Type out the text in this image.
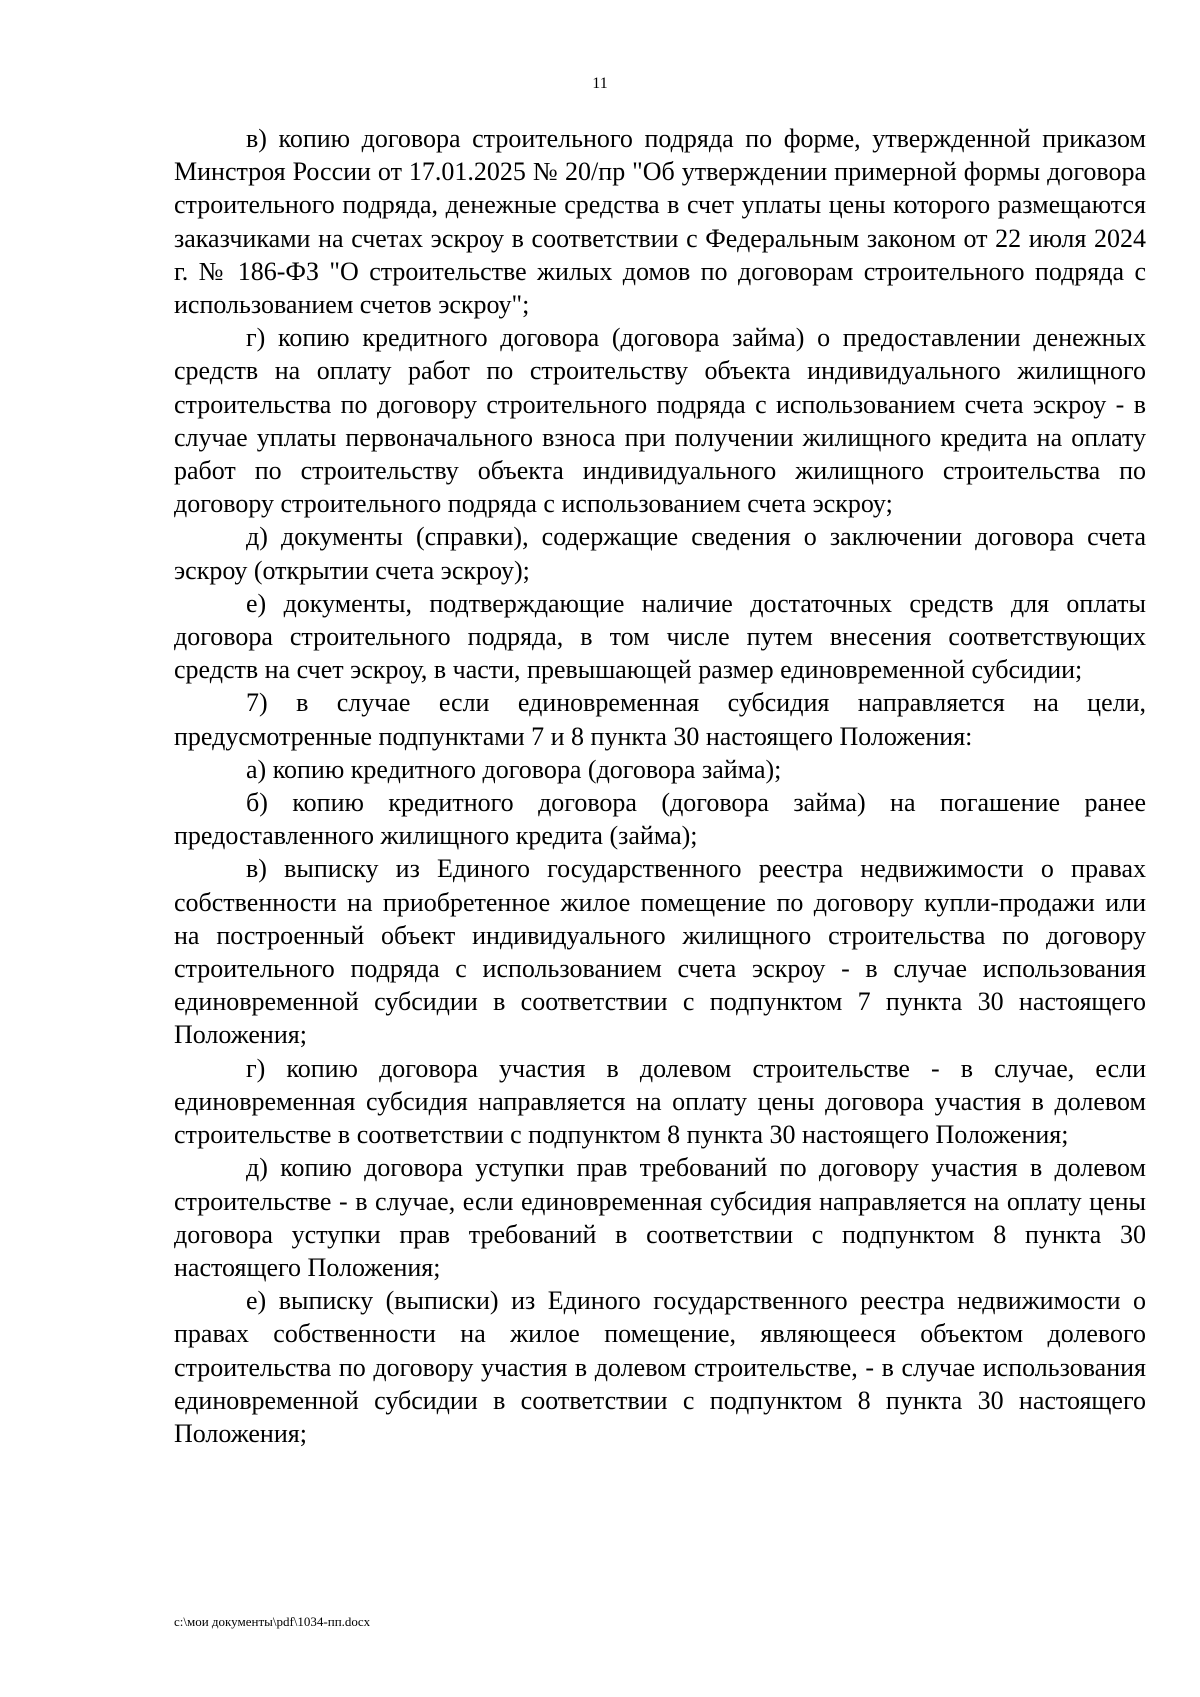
11

в) копию договора строительного подряда по форме, утвержденной приказом Минстроя России от 17.01.2025 № 20/пр "Об утверждении примерной формы договора строительного подряда, денежные средства в счет уплаты цены которого размещаются заказчиками на счетах эскроу в соответствии с Федеральным законом от 22 июля 2024 г. № 186-ФЗ "О строительстве жилых домов по договорам строительного подряда с использованием счетов эскроу";

г) копию кредитного договора (договора займа) о предоставлении денежных средств на оплату работ по строительству объекта индивидуального жилищного строительства по договору строительного подряда с использованием счета эскроу - в случае уплаты первоначального взноса при получении жилищного кредита на оплату работ по строительству объекта индивидуального жилищного строительства по договору строительного подряда с использованием счета эскроу;

д) документы (справки), содержащие сведения о заключении договора счета эскроу (открытии счета эскроу);

е) документы, подтверждающие наличие достаточных средств для оплаты договора строительного подряда, в том числе путем внесения соответствующих средств на счет эскроу, в части, превышающей размер единовременной субсидии;

7) в случае если единовременная субсидия направляется на цели, предусмотренные подпунктами 7 и 8 пункта 30 настоящего Положения:

а) копию кредитного договора (договора займа);

б) копию кредитного договора (договора займа) на погашение ранее предоставленного жилищного кредита (займа);

в) выписку из Единого государственного реестра недвижимости о правах собственности на приобретенное жилое помещение по договору купли-продажи или на построенный объект индивидуального жилищного строительства по договору строительного подряда с использованием счета эскроу - в случае использования единовременной субсидии в соответствии с подпунктом 7 пункта 30 настоящего Положения;

г) копию договора участия в долевом строительстве - в случае, если единовременная субсидия направляется на оплату цены договора участия в долевом строительстве в соответствии с подпунктом 8 пункта 30 настоящего Положения;

д) копию договора уступки прав требований по договору участия в долевом строительстве - в случае, если единовременная субсидия направляется на оплату цены договора уступки прав требований в соответствии с подпунктом 8 пункта 30 настоящего Положения;

е) выписку (выписки) из Единого государственного реестра недвижимости о правах собственности на жилое помещение, являющееся объектом долевого строительства по договору участия в долевом строительстве, - в случае использования единовременной субсидии в соответствии с подпунктом 8 пункта 30 настоящего Положения;

c:\мои документы\pdf\1034-пп.docx
